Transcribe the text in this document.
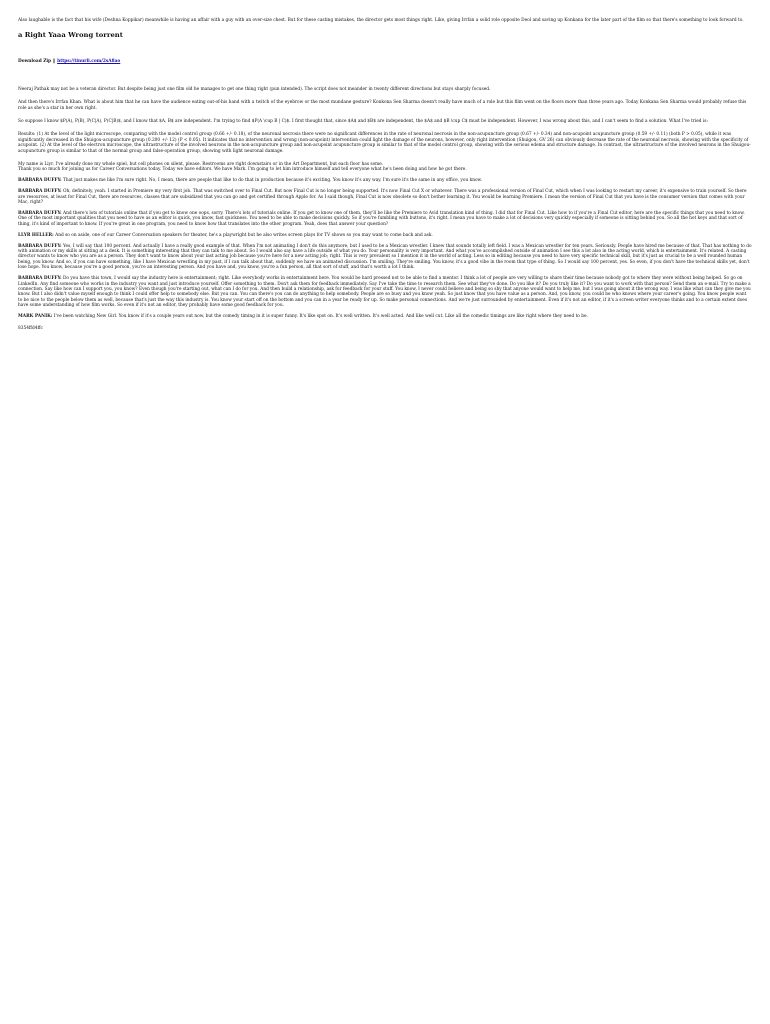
Also laughable is the fact that his wife (Deshna Koppikar) meanwhile is having an affair with a guy with an over-size chest. But for these casting mistakes, the director gets most things right. Like, giving Irrfan a solid role opposite Deol and saving up Konkana for the later part of the film so that there's something to look forward to.

a Right Yaaa Wrong torrent
Download Zip || https://tinurli.com/2sA8ao

Neeraj Pathak may not be a veteran director. But despite being just one film old he manages to get one thing right (pun intended). The script does not meander in twenty different directions but stays sharply focused.

And then there's Irrfan Khan. What is about him that he can have the audience eating out-of-his hand with a twitch of the eyebrow or the most mundane gesture? Konkona Sen Sharma doesn't really have much of a role but this film went on the floors more than three years ago. Today Konkana Sen Sharma would probably refuse this role as she's a star in her own right.

So suppose I know $P(A), P(B), P(C|A), P(C|B)$, and I know that $A, B$ are independent. I'm trying to find $P(A \cup B | C)$. I first thought that, since $A$ and $B$ are independent, the $A$ and $B \cup C$ must be independent. However, I was wrong about this, and I can't seem to find a solution. What I've tried is:

Results: (1) At the level of the light microscope, comparing with the model control group (0.66 +/- 0.18), of the neuronal necrosis there were no significant differences in the rate of neuronal necrosis in the non-acupuncture group (0.67 +/- 0.34) and non-acupoint acupuncture group (0.59 +/- 0.11) (both P > 0.05), while it was significantly decreased in the Shuigou-acupuncture group (0.200 +/- 12) (P < 0.05). It indicates that no intervention and wrong (non-acupoint) intervention could light the damage of the neurons, however, only right intervention (Shuigou, GV 26) can obviously decrease the rate of the neuronal necrosis, showing with the specificity of acupoint. (2) At the level of the electron microscope, the ultrastructure of the involved neurons in the non-acupuncture group and non-acupoint acupuncture group is similar to that of the model control group, showing with the serious edema and structure damage. In contrast, the ultrastructure of the involved neurons in the Shuigou-acupuncture group is similar to that of the normal group and false-operation group, showing with light neuronal damage.

My name is Liyr. I've already done my whole spiel, but cell phones on silent, please. Restrooms are right downstairs or in the Art Department, but each floor has some.

Thank you so much for joining us for Career Conversations today. Today we have editors. We have Mark. I'm going to let him introduce himself and tell everyone what he's been doing and how he got there.

BARBARA DUFFY: That just makes me like I'm sure right. No, I mean, there are people that like to do that in production because it's exciting. You know it's any way. I'm sure it's the same in any office, you know.

BARBARA DUFFY: Oh, definitely, yeah. I started in Premiere my very first job. That was switched over to Final Cut. But now Final Cut is no longer being supported. It's now Final Cut X or whatever. There was a professional version of Final Cut, which when I was looking to restart my career, it's expensive to train yourself. So there are resources, at least for Final Cut, there are resources, classes that are subsidized that you can go and get certified through Apple for. As I said though, Final Cut is now obsolete so don't bother learning it. You would be learning Premiere. I mean the version of Final Cut that you have is the consumer version that comes with your Mac, right?

BARBARA DUFFY: And there's lots of tutorials online that if you get to know one oops, sorry. There's lots of tutorials online. If you get to know one of them, they'll be like the Premiere to Avid translation kind of thing. I did that for Final Cut. Like how to if you're a Final Cut editor, here are the specific things that you need to know. One of the most important qualities that you need to have as an editor is quick, you know, fast quickness. You need to be able to make decisions quickly. So if you're fumbling with buttons, it's right. I mean you have to make a lot of decisions very quickly especially if someone is sitting behind you. So all the hot keys and that sort of thing, it's kind of important to know. If you're great in one program, you need to know how that translates into the other program. Yeah, does that answer your question?

LLYR HELLER: And so on aside, one of our Career Conversation speakers for theater, he's a playwright but he also writes screen plays for TV shows so you may want to come back and ask.

BARBARA DUFFY: Yes, I will say that 100 percent. And actually I have a really good example of that. When I'm not animating I don't do this anymore, but I used to be a Mexican wrestler. I knew that sounds totally left field. I was a Mexican wrestler for ten years. Seriously. People have hired me because of that. That has nothing to do with animation or my skills at sitting at a desk. It is something interesting that they can talk to me about. So I would also say have a life outside of what you do. Your personality is very important. And what you've accomplished outside of animation I see this a lot also in the acting world, which is entertainment. It's related. A casting director wants to know who you are as a person. They don't want to know about your last acting job because you're here for a new acting job; right. This is very prevalent so I mention it in the world of acting. Less so in editing because you need to have very specific technical skill, but it's just as crucial to be a well rounded human being, you know. And so, if you can have something, like I have Mexican wrestling in my past, if I can talk about that, suddenly we have an animated discussion. I'm smiling. They're smiling. You know, it's a good vibe in the room that type of thing. So I would say 100 percent, yes. So even, if you don't have the technical skills yet, don't lose hope. You know, because you're a good person, you're an interesting person. And you have and, you know, you're a fun person, all that sort of stuff, and that's worth a lot I think.

BARBARA DUFFY: Do you have this town, I would say the industry here is entertainment; right. Like everybody works in entertainment here. You would be hard pressed not to be able to find a mentor. I think a lot of people are very willing to share their time because nobody got to where they were without being helped. So go on LinkedIn. Any find someone who works in the industry you want and just introduce yourself. Offer something to them. Don't ask them for feedback immediately. Say I've take the time to research them. See what they've done. Do you like it? Do you truly like it? Do you want to work with that person? Send them an e-mail. Try to make a connection. Say like how can I support you, you know? Even though you're starting out, what can I do for you. And then build a relationship, ask for feedback for your stuff. You know, I never could believe and being so shy that anyone would want to help me, but I was going about it the wrong way. I was like what can they give me you know. But I also didn't value myself enough to think I could offer help to somebody else. But you can. You can there's you can do anything to help somebody. People are so busy and you know yeah. So just know that you have value as a person. And, you know, you could be who knows where your career's going. You know people want to be nice to the people below them as well, because that's just the way this industry is. You know your start off on the bottom and you can in a year be ready for up. So make personal connections. And we're just surrounded by entertainment. Even if it's not an editor, if it's a screen writer everyone thinks and to a certain extent does have some understanding of how film works. So even if it's not an editor, they probably have some good feedback for you.

MARK PANIK: I've been watching New Girl. You know if it's a couple years out now, but the comedy timing in it is super funny. It's like spot on. It's well written. It's well acted. And like well cut. Like all the comedic timings are like right where they need to be.

8354ffd4ffc
